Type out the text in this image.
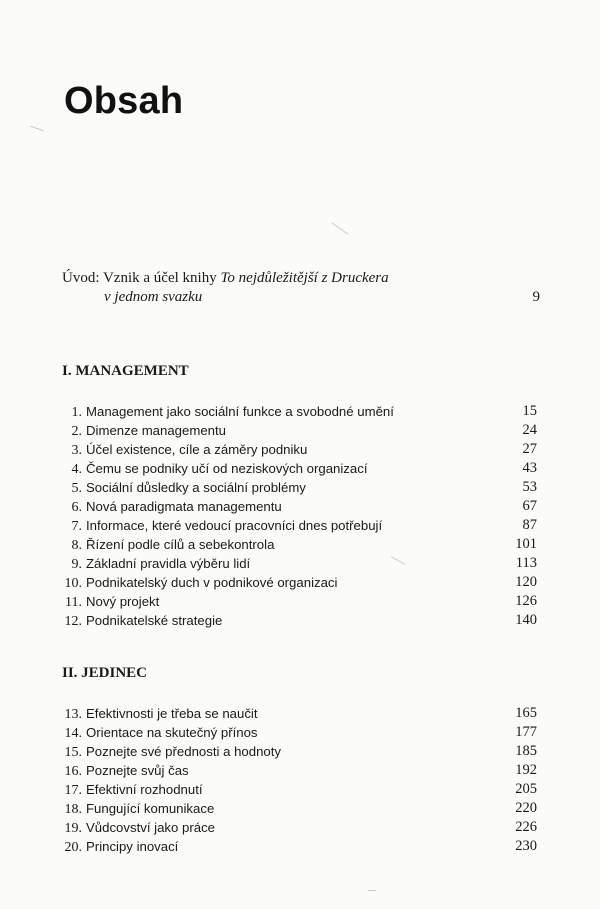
Obsah
Úvod: Vznik a účel knihy To nejdůležitější z Druckera
v jednom svazku	9
I. MANAGEMENT
1. Management jako sociální funkce a svobodné umění	15
2. Dimenze managementu	24
3. Účel existence, cíle a záměry podniku	27
4. Čemu se podniky učí od neziskových organizací	43
5. Sociální důsledky a sociální problémy	53
6. Nová paradigmata managementu	67
7. Informace, které vedoucí pracovníci dnes potřebují	87
8. Řízení podle cílů a sebekontrola	101
9. Základní pravidla výběru lidí	113
10. Podnikatelský duch v podnikové organizaci	120
11. Nový projekt	126
12. Podnikatelské strategie	140
II. JEDINEC
13. Efektivnosti je třeba se naučit	165
14. Orientace na skutečný přínos	177
15. Poznejte své přednosti a hodnoty	185
16. Poznejte svůj čas	192
17. Efektivní rozhodnutí	205
18. Fungující komunikace	220
19. Vůdcovství jako práce	226
20. Principy inovací	230
